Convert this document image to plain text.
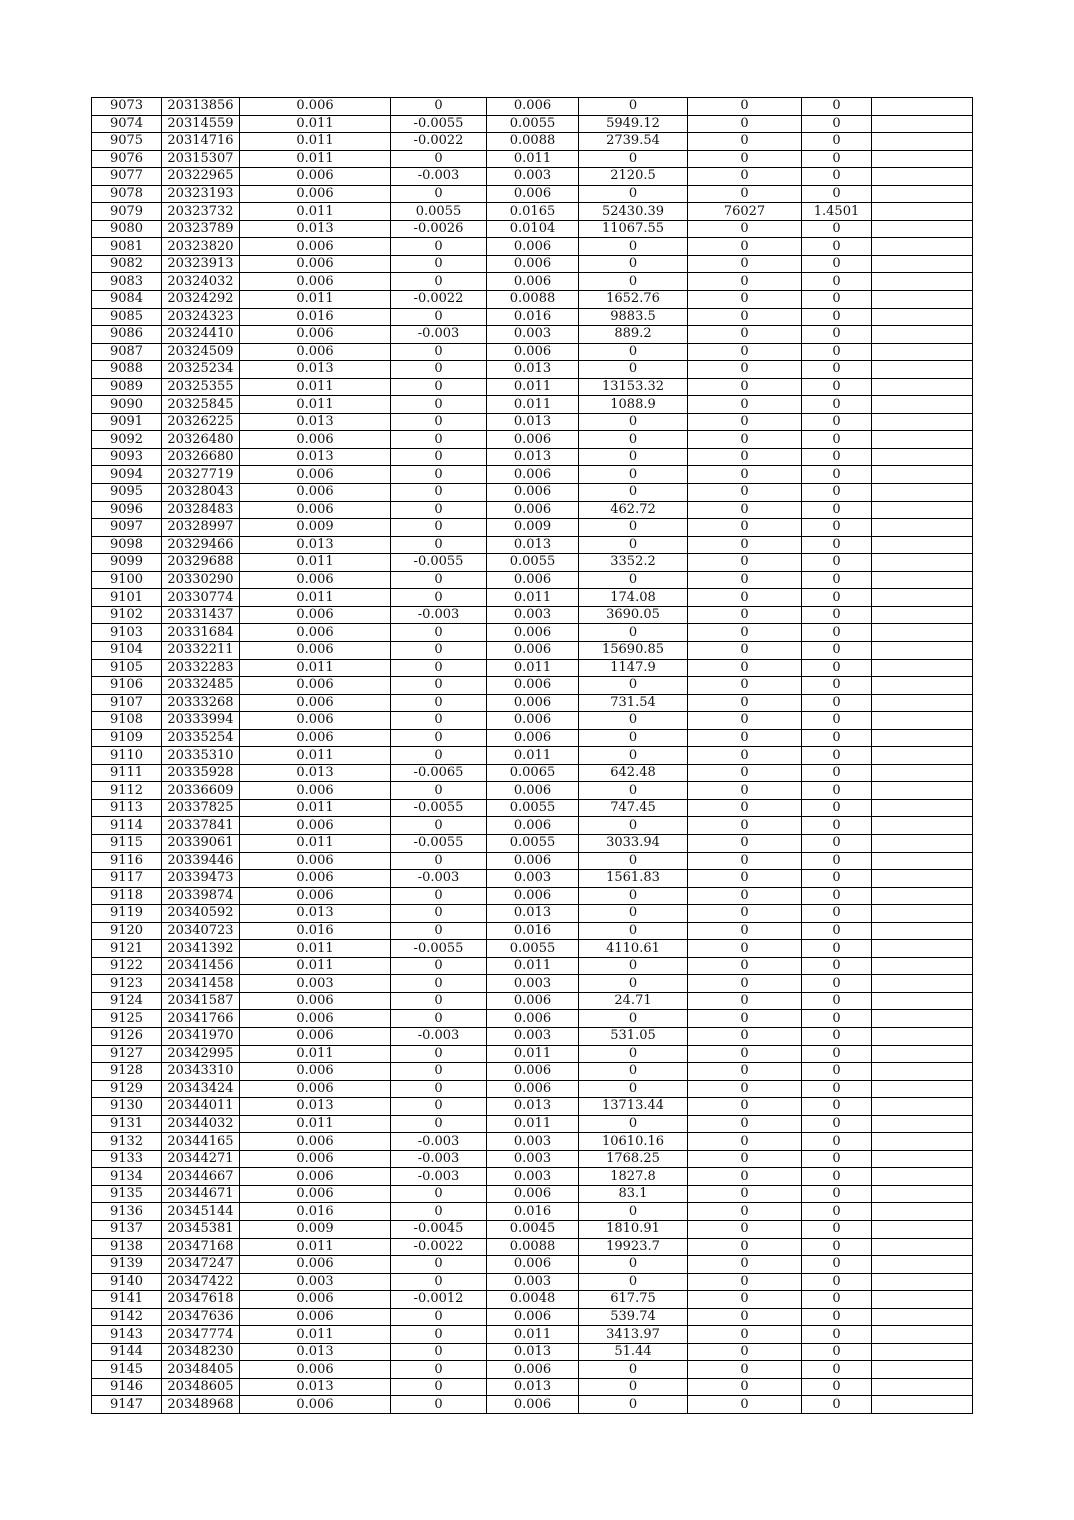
9073	20313856	0.006	0	0.006	0	0	0	
9074	20314559	0.011	-0.0055	0.0055	5949.12	0	0	
9075	20314716	0.011	-0.0022	0.0088	2739.54	0	0	
9076	20315307	0.011	0	0.011	0	0	0	
9077	20322965	0.006	-0.003	0.003	2120.5	0	0	
9078	20323193	0.006	0	0.006	0	0	0	
9079	20323732	0.011	0.0055	0.0165	52430.39	76027	1.4501	
9080	20323789	0.013	-0.0026	0.0104	11067.55	0	0	
9081	20323820	0.006	0	0.006	0	0	0	
9082	20323913	0.006	0	0.006	0	0	0	
9083	20324032	0.006	0	0.006	0	0	0	
9084	20324292	0.011	-0.0022	0.0088	1652.76	0	0	
9085	20324323	0.016	0	0.016	9883.5	0	0	
9086	20324410	0.006	-0.003	0.003	889.2	0	0	
9087	20324509	0.006	0	0.006	0	0	0	
9088	20325234	0.013	0	0.013	0	0	0	
9089	20325355	0.011	0	0.011	13153.32	0	0	
9090	20325845	0.011	0	0.011	1088.9	0	0	
9091	20326225	0.013	0	0.013	0	0	0	
9092	20326480	0.006	0	0.006	0	0	0	
9093	20326680	0.013	0	0.013	0	0	0	
9094	20327719	0.006	0	0.006	0	0	0	
9095	20328043	0.006	0	0.006	0	0	0	
9096	20328483	0.006	0	0.006	462.72	0	0	
9097	20328997	0.009	0	0.009	0	0	0	
9098	20329466	0.013	0	0.013	0	0	0	
9099	20329688	0.011	-0.0055	0.0055	3352.2	0	0	
9100	20330290	0.006	0	0.006	0	0	0	
9101	20330774	0.011	0	0.011	174.08	0	0	
9102	20331437	0.006	-0.003	0.003	3690.05	0	0	
9103	20331684	0.006	0	0.006	0	0	0	
9104	20332211	0.006	0	0.006	15690.85	0	0	
9105	20332283	0.011	0	0.011	1147.9	0	0	
9106	20332485	0.006	0	0.006	0	0	0	
9107	20333268	0.006	0	0.006	731.54	0	0	
9108	20333994	0.006	0	0.006	0	0	0	
9109	20335254	0.006	0	0.006	0	0	0	
9110	20335310	0.011	0	0.011	0	0	0	
9111	20335928	0.013	-0.0065	0.0065	642.48	0	0	
9112	20336609	0.006	0	0.006	0	0	0	
9113	20337825	0.011	-0.0055	0.0055	747.45	0	0	
9114	20337841	0.006	0	0.006	0	0	0	
9115	20339061	0.011	-0.0055	0.0055	3033.94	0	0	
9116	20339446	0.006	0	0.006	0	0	0	
9117	20339473	0.006	-0.003	0.003	1561.83	0	0	
9118	20339874	0.006	0	0.006	0	0	0	
9119	20340592	0.013	0	0.013	0	0	0	
9120	20340723	0.016	0	0.016	0	0	0	
9121	20341392	0.011	-0.0055	0.0055	4110.61	0	0	
9122	20341456	0.011	0	0.011	0	0	0	
9123	20341458	0.003	0	0.003	0	0	0	
9124	20341587	0.006	0	0.006	24.71	0	0	
9125	20341766	0.006	0	0.006	0	0	0	
9126	20341970	0.006	-0.003	0.003	531.05	0	0	
9127	20342995	0.011	0	0.011	0	0	0	
9128	20343310	0.006	0	0.006	0	0	0	
9129	20343424	0.006	0	0.006	0	0	0	
9130	20344011	0.013	0	0.013	13713.44	0	0	
9131	20344032	0.011	0	0.011	0	0	0	
9132	20344165	0.006	-0.003	0.003	10610.16	0	0	
9133	20344271	0.006	-0.003	0.003	1768.25	0	0	
9134	20344667	0.006	-0.003	0.003	1827.8	0	0	
9135	20344671	0.006	0	0.006	83.1	0	0	
9136	20345144	0.016	0	0.016	0	0	0	
9137	20345381	0.009	-0.0045	0.0045	1810.91	0	0	
9138	20347168	0.011	-0.0022	0.0088	19923.7	0	0	
9139	20347247	0.006	0	0.006	0	0	0	
9140	20347422	0.003	0	0.003	0	0	0	
9141	20347618	0.006	-0.0012	0.0048	617.75	0	0	
9142	20347636	0.006	0	0.006	539.74	0	0	
9143	20347774	0.011	0	0.011	3413.97	0	0	
9144	20348230	0.013	0	0.013	51.44	0	0	
9145	20348405	0.006	0	0.006	0	0	0	
9146	20348605	0.013	0	0.013	0	0	0	
9147	20348968	0.006	0	0.006	0	0	0	
